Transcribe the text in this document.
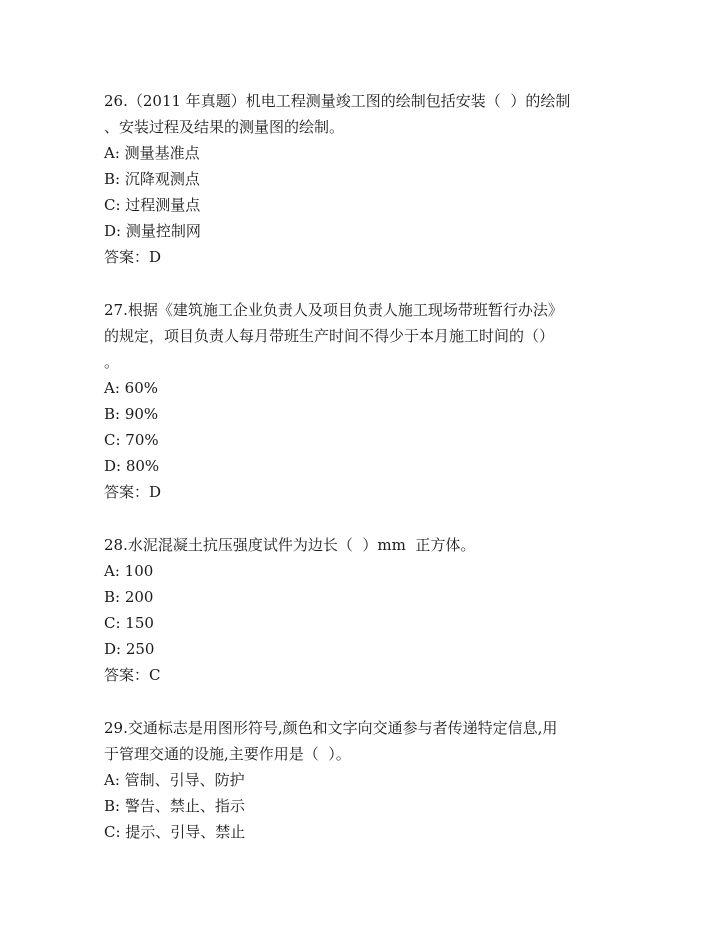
26.（2011 年真题）机电工程测量竣工图的绘制包括安装（  ）的绘制

、安装过程及结果的测量图的绘制。

A: 测量基准点

B: 沉降观测点

C: 过程测量点

D: 测量控制网

答案：D

27.根据《建筑施工企业负责人及项目负责人施工现场带班暂行办法》

的规定，项目负责人每月带班生产时间不得少于本月施工时间的（）

。

A: 60%

B: 90%

C: 70%

D: 80%

答案：D

28.水泥混凝土抗压强度试件为边长（  ）mm  正方体。

A: 100

B: 200

C: 150

D: 250

答案：C

29.交通标志是用图形符号,颜色和文字向交通参与者传递特定信息,用

于管理交通的设施,主要作用是（  ）。

A: 管制、引导、防护

B: 警告、禁止、指示

C: 提示、引导、禁止
